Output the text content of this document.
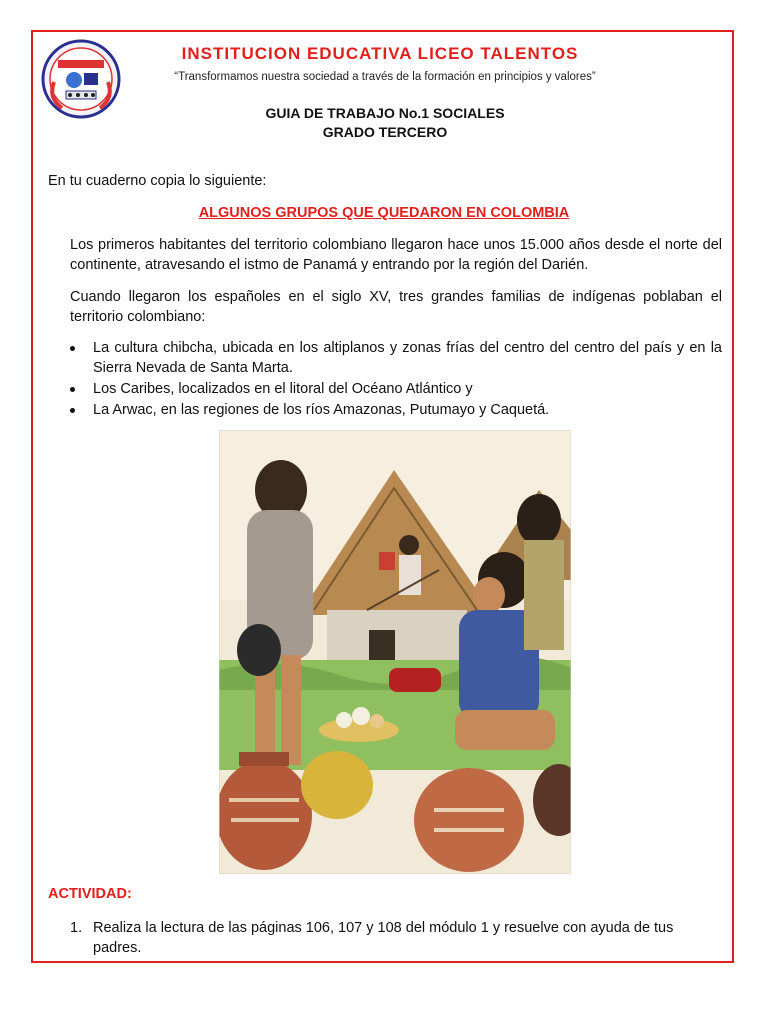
INSTITUCION EDUCATIVA LICEO TALENTOS
“Transformamos nuestra sociedad a través de la formación en principios y valores”
GUIA DE TRABAJO No.1 SOCIALES
GRADO TERCERO
En tu cuaderno copia lo siguiente:
ALGUNOS GRUPOS QUE QUEDARON EN COLOMBIA

Los primeros habitantes del territorio colombiano llegaron hace unos 15.000 años desde el norte del continente, atravesando el istmo de Panamá y entrando por la región del Darién.

Cuando llegaron los españoles en el siglo XV, tres grandes familias de indígenas poblaban el territorio colombiano:

La cultura chibcha, ubicada en los altiplanos y zonas frías del centro del centro del país y en la Sierra Nevada de Santa Marta.
Los Caribes, localizados en el litoral del Océano Atlántico y
La Arwac, en las regiones de los ríos Amazonas, Putumayo y Caquetá.
ACTIVIDAD:
1. Realiza la lectura de las páginas 106, 107 y 108 del módulo 1 y resuelve con ayuda de tus padres.
